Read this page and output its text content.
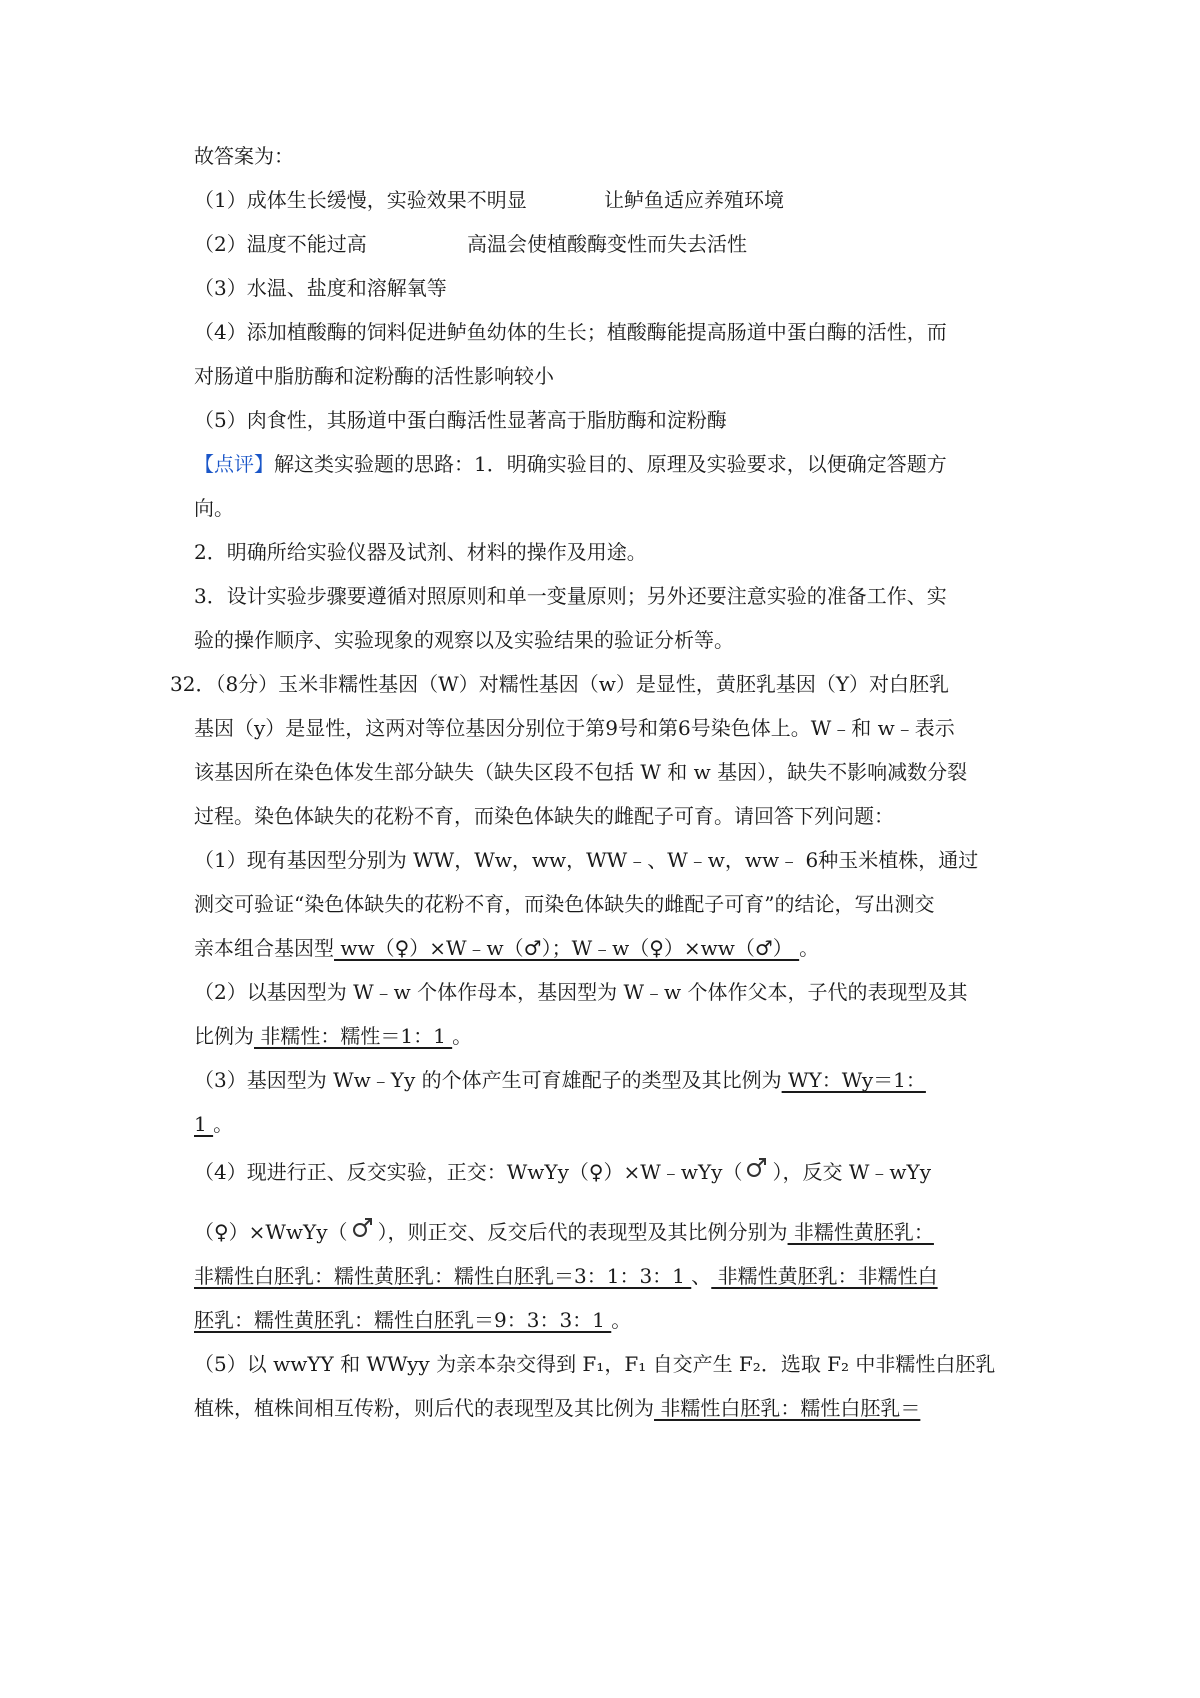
故答案为：
（1）成体生长缓慢，实验效果不明显	让鲈鱼适应养殖环境
（2）温度不能过高	高温会使植酸酶变性而失去活性
（3）水温、盐度和溶解氧等
（4）添加植酸酶的饲料促进鲈鱼幼体的生长；植酸酶能提高肠道中蛋白酶的活性，而
对肠道中脂肪酶和淀粉酶的活性影响较小
（5）肉食性，其肠道中蛋白酶活性显著高于脂肪酶和淀粉酶
【点评】解这类实验题的思路：1．明确实验目的、原理及实验要求，以便确定答题方
向。
2．明确所给实验仪器及试剂、材料的操作及用途。
3．设计实验步骤要遵循对照原则和单一变量原则；另外还要注意实验的准备工作、实
验的操作顺序、实验现象的观察以及实验结果的验证分析等。
32．（8分）玉米非糯性基因（W）对糯性基因（w）是显性，黄胚乳基因（Y）对白胚乳
基因（y）是显性，这两对等位基因分别位于第9号和第6号染色体上。W﹣和 w﹣表示
该基因所在染色体发生部分缺失（缺失区段不包括 W 和 w 基因），缺失不影响减数分裂
过程。染色体缺失的花粉不育，而染色体缺失的雌配子可育。请回答下列问题：
（1）现有基因型分别为 WW，Ww，ww，WW﹣、W﹣w，ww﹣ 6种玉米植株，通过
测交可验证“染色体缺失的花粉不育，而染色体缺失的雌配子可育”的结论，写出测交
亲本组合基因型 ww（♀）×W﹣w（♂）；W﹣w（♀）×ww（♂） 。
（2）以基因型为 W﹣w 个体作母本，基因型为 W﹣w 个体作父本，子代的表现型及其
比例为 非糯性：糯性＝1：1 。
（3）基因型为 Ww﹣Yy 的个体产生可育雄配子的类型及其比例为 WY：Wy＝1：
1 。
（4）现进行正、反交实验，正交：WwYy（♀）×W﹣wYy（ ），反交 W﹣wYy
（♀）×WwYy（ ），则正交、反交后代的表现型及其比例分别为 非糯性黄胚乳：
非糯性白胚乳：糯性黄胚乳：糯性白胚乳＝3：1：3：1 、 非糯性黄胚乳：非糯性白
胚乳：糯性黄胚乳：糯性白胚乳＝9：3：3：1 。
（5）以 wwYY 和 WWyy 为亲本杂交得到 F₁，F₁ 自交产生 F₂．选取 F₂ 中非糯性白胚乳
植株，植株间相互传粉，则后代的表现型及其比例为 非糯性白胚乳：糯性白胚乳＝
